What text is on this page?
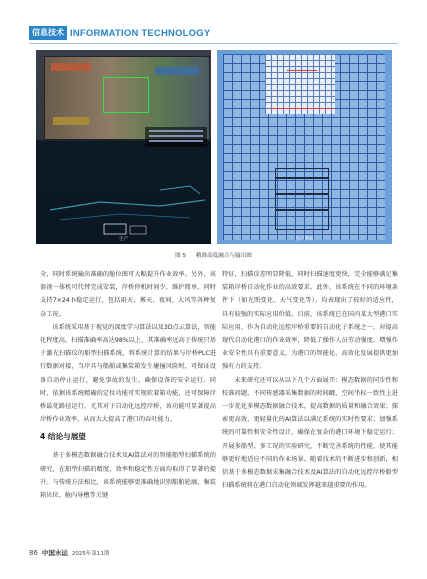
信息技术 INFORMATION TECHNOLOGY
生产	生产系统
图 5 精准高度融合与输出图

全，同时系统输出准确的舱位图可大幅提升作业效率。另外，该套视一体机可代替完成安装，岸桥停机时间少，维护简单，同时支持7×24 h稳定运行，包括雨天、雾天、夜间、大风等各种复杂工况。

该系统采用基于视觉的深度学习算法以及3D点云算法，智能化程度高，扫描准确率高达98%以上，其准确率远高于传统只基于激光扫描仪的船型扫描系统，将系统计算的结果与岸桥PLC进行数据对接，当岸具与船舶或集装箱发生碰撞风险时，可保证设备自动停止运行，避免事故的发生，确保设备的安全运行。同时，依据该系统精确的定位功能可实现软着箱功能，还可保障岸桥最优路径运行，尤其对于自动化远控岸桥，该功能可显著提高岸桥作业效率，从而大大提高了港口的吞吐能力。

4 结论与展望

基于多模态数据融合技术及AI算法对的智能船型扫描系统的研究，在船型扫描的精度、效率和稳定性方面均取得了显著的提升。与传统方法相比，该系统能够更准确地识别船舶轮廓、集装箱贝位、舱内导槽等关键

特征，扫描误差明显降低，同时扫描速度更快，完全能够满足集装箱岸桥自动化作业的高效要求。此外，该系统在不同的环境条件下（如光照变化、天气变化等），均表现出了较好的适应性，具有较强的实际应用价值。目前，该系统已在国内某大型港口实际应用，作为自动化远控岸桥重要的自动化子系统之一，对提高现代自动化港口的作业效率，降低了操作人员劳动强度，增强作业安全性具有重要意义，为港口的智能化、高效化发展提供更加强有力的支持。

未来研究还可以从以下几个方面展开：模态数据的同步性和校准问题，不同传感器采集数据的时间戳、空间坐标一致性上进一步优化多模态数据融合技术，提高数据的质量和融合效果；探索更高效、更轻量化的AI算法以满足系统的实时性要求；加强系统的可靠性和安全性设计，确保在复杂的港口环境下稳定运行；开展多船型、多工况的实验研究，不断完善系统的性能，使其能够更好地适应不同的作业场景。随着技术的不断进步和创新，相信基于多模态数据采集融合技术及AI算法的自动化远控岸桥船型扫描系统将在港口自动化领域发挥越来越重要的作用。

86 中国水运 2025年第11期
